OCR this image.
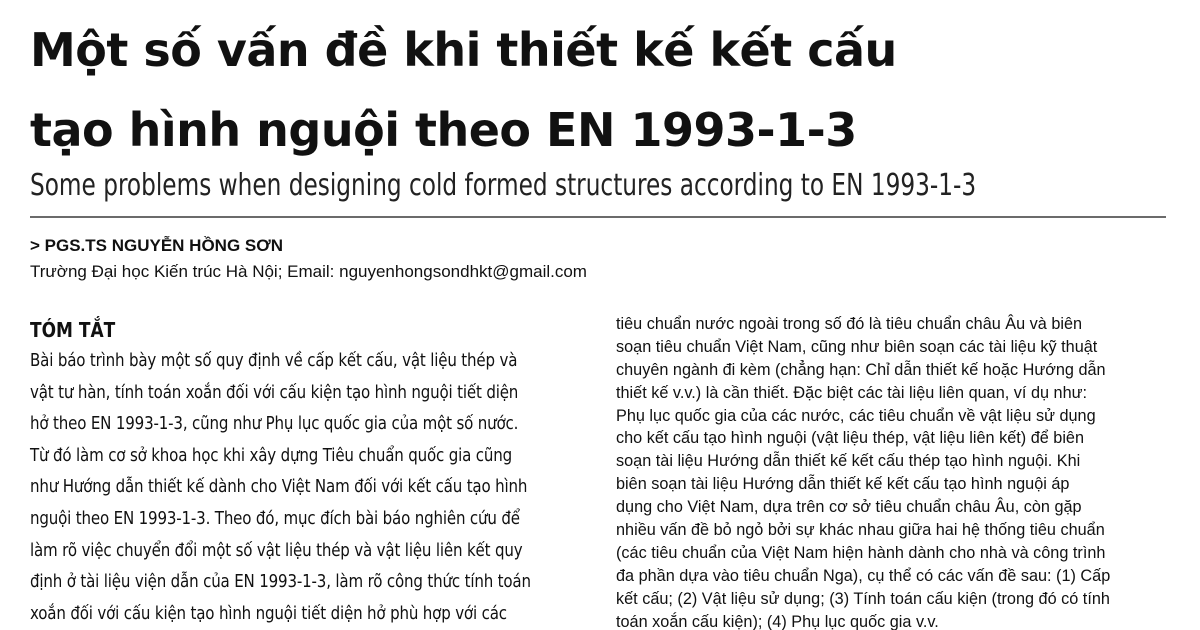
Một số vấn đề khi thiết kế kết cấu
tạo hình nguội theo EN 1993-1-3
Some problems when designing cold formed structures according to EN 1993-1-3
> PGS.TS NGUYỄN HỒNG SƠN
Trường Đại học Kiến trúc Hà Nội; Email: nguyenhongsondhkt@gmail.com
TÓM TẮT
Bài báo trình bày một số quy định về cấp kết cấu, vật liệu thép và
vật tư hàn, tính toán xoắn đối với cấu kiện tạo hình nguội tiết diện
hở theo EN 1993-1-3, cũng như Phụ lục quốc gia của một số nước.
Từ đó làm cơ sở khoa học khi xây dựng Tiêu chuẩn quốc gia cũng
như Hướng dẫn thiết kế dành cho Việt Nam đối với kết cấu tạo hình
nguội theo EN 1993-1-3. Theo đó, mục đích bài báo nghiên cứu để
làm rõ việc chuyển đổi một số vật liệu thép và vật liệu liên kết quy
định ở tài liệu viện dẫn của EN 1993-1-3, làm rõ công thức tính toán
xoắn đối với cấu kiện tạo hình nguội tiết diện hở phù hợp với các
tiêu chuẩn nước ngoài trong số đó là tiêu chuẩn châu Âu và biên
soạn tiêu chuẩn Việt Nam, cũng như biên soạn các tài liệu kỹ thuật
chuyên ngành đi kèm (chẳng hạn: Chỉ dẫn thiết kế hoặc Hướng dẫn
thiết kế v.v.) là cần thiết. Đặc biệt các tài liệu liên quan, ví dụ như:
Phụ lục quốc gia của các nước, các tiêu chuẩn về vật liệu sử dụng
cho kết cấu tạo hình nguội (vật liệu thép, vật liệu liên kết) để biên
soạn tài liệu Hướng dẫn thiết kế kết cấu thép tạo hình nguội. Khi
biên soạn tài liệu Hướng dẫn thiết kế kết cấu tạo hình nguội áp
dụng cho Việt Nam, dựa trên cơ sở tiêu chuẩn châu Âu, còn gặp
nhiều vấn đề bỏ ngỏ bởi sự khác nhau giữa hai hệ thống tiêu chuẩn
(các tiêu chuẩn của Việt Nam hiện hành dành cho nhà và công trình
đa phần dựa vào tiêu chuẩn Nga), cụ thể có các vấn đề sau: (1) Cấp
kết cấu; (2) Vật liệu sử dụng; (3) Tính toán cấu kiện (trong đó có tính
toán xoắn cấu kiện); (4) Phụ lục quốc gia v.v.
